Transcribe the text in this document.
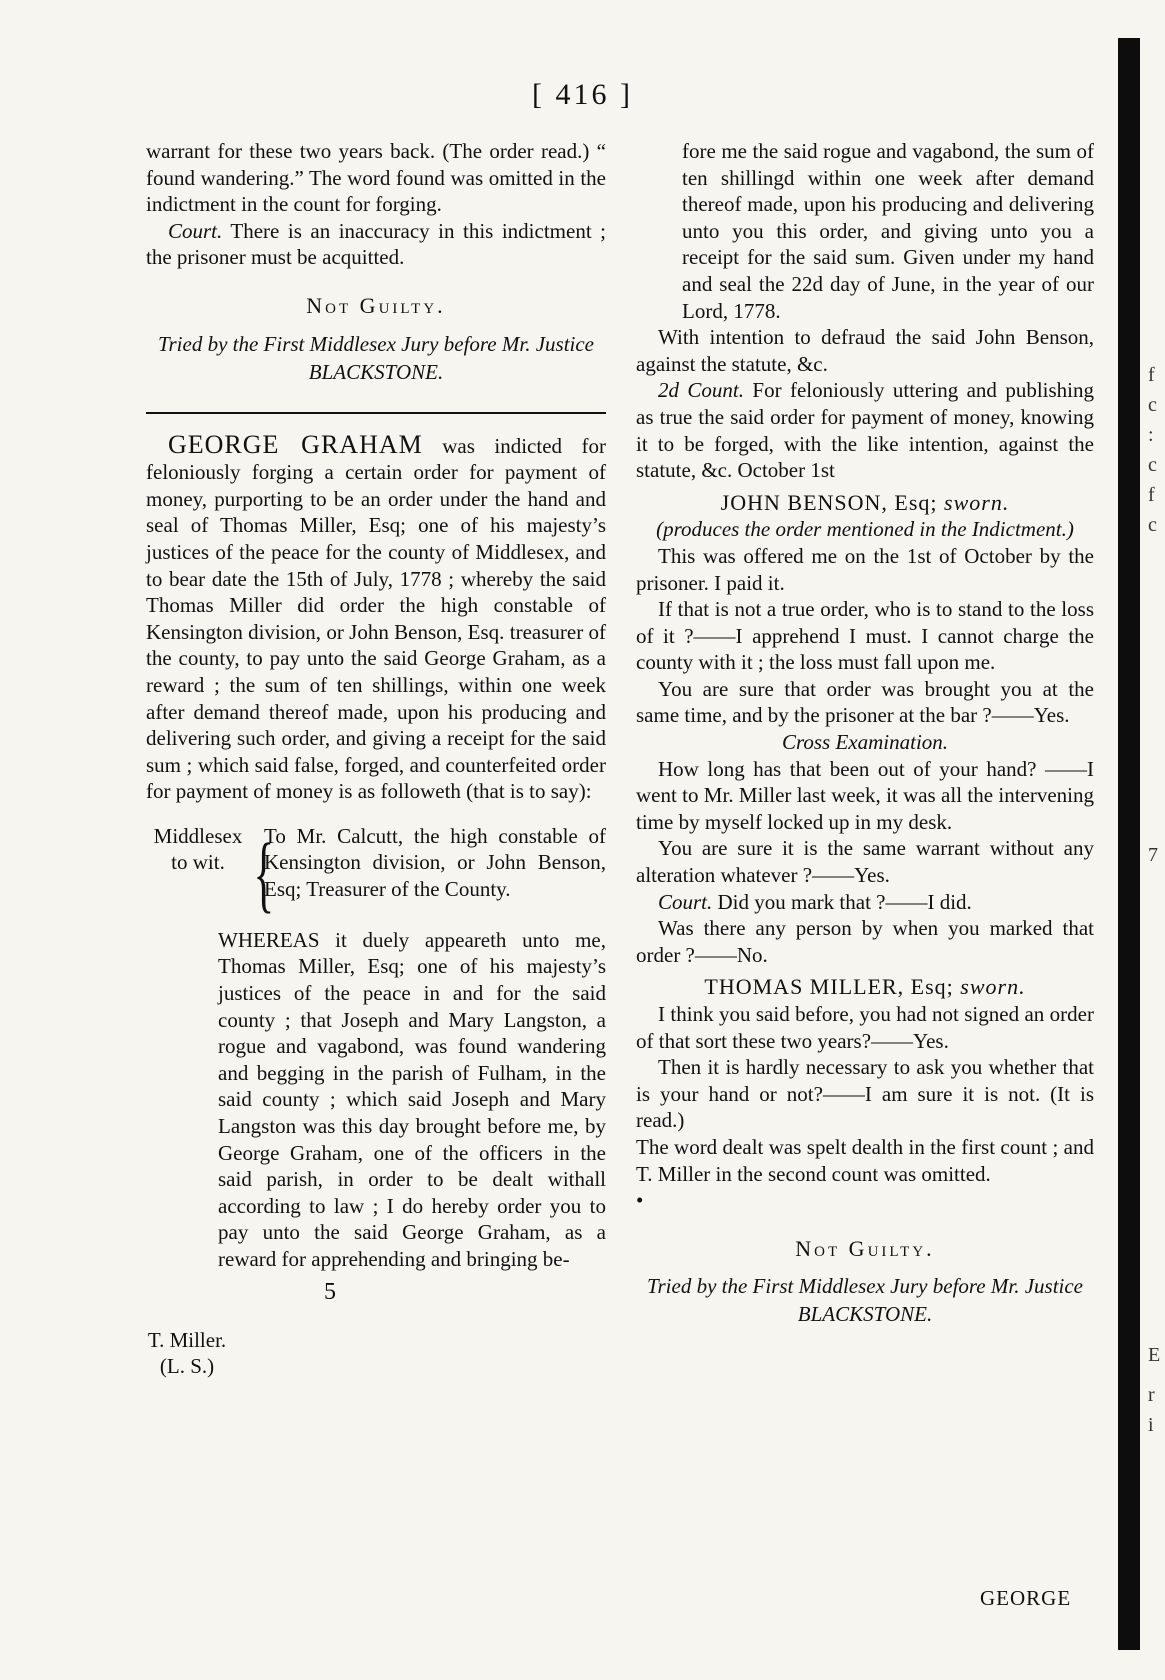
[ 416 ]

warrant for these two years back. (The order read.) “ found wandering.” The word found was omitted in the indictment in the count for forging.

Court. There is an inaccuracy in this indictment ; the prisoner must be acquitted.

Not Guilty.
Tried by the First Middlesex Jury before Mr. Justice BLACKSTONE.

GEORGE GRAHAM was indicted for feloniously forging a certain order for payment of money, purporting to be an order under the hand and seal of Thomas Miller, Esq; one of his majesty’s justices of the peace for the county of Middlesex, and to bear date the 15th of July, 1778 ; whereby the said Thomas Miller did order the high constable of Kensington division, or John Benson, Esq. treasurer of the county, to pay unto the said George Graham, as a reward ; the sum of ten shillings, within one week after demand thereof made, upon his producing and delivering such order, and giving a receipt for the said sum ; which said false, forged, and counterfeited order for payment of money is as followeth (that is to say):

Middlesex to wit. {
To Mr. Calcutt, the high constable of Kensington division, or John Benson, Esq; Treasurer of the County.
T. Miller. (L. S.)

WHEREAS it duely appeareth unto me, Thomas Miller, Esq; one of his majesty’s justices of the peace in and for the said county ; that Joseph and Mary Langston, a rogue and vagabond, was found wandering and begging in the parish of Fulham, in the said county ; which said Joseph and Mary Langston was this day brought before me, by George Graham, one of the officers in the said parish, in order to be dealt withall according to law ; I do hereby order you to pay unto the said George Graham, as a reward for apprehending and bringing be-

5

fore me the said rogue and vagabond, the sum of ten shillingd within one week after demand thereof made, upon his producing and delivering unto you this order, and giving unto you a receipt for the said sum. Given under my hand and seal the 22d day of June, in the year of our Lord, 1778.

With intention to defraud the said John Benson, against the statute, &c.

2d Count. For feloniously uttering and publishing as true the said order for payment of money, knowing it to be forged, with the like intention, against the statute, &c. October 1st

JOHN BENSON, Esq; sworn.

(produces the order mentioned in the Indictment.)

This was offered me on the 1st of October by the prisoner. I paid it.

If that is not a true order, who is to stand to the loss of it ?——I apprehend I must. I cannot charge the county with it ; the loss must fall upon me.

You are sure that order was brought you at the same time, and by the prisoner at the bar ?——Yes.

Cross Examination.

How long has that been out of your hand? ——I went to Mr. Miller last week, it was all the intervening time by myself locked up in my desk.

You are sure it is the same warrant without any alteration whatever ?——Yes.

Court. Did you mark that ?——I did.

Was there any person by when you marked that order ?——No.

THOMAS MILLER, Esq; sworn.

I think you said before, you had not signed an order of that sort these two years?——Yes.

Then it is hardly necessary to ask you whether that is your hand or not?——I am sure it is not. (It is read.)

The word dealt was spelt dealth in the first count ; and T. Miller in the second count was omitted.

•

Not Guilty.
Tried by the First Middlesex Jury before Mr. Justice BLACKSTONE.
GEORGE
f
c
:
c
f
c
7
E
r
i
